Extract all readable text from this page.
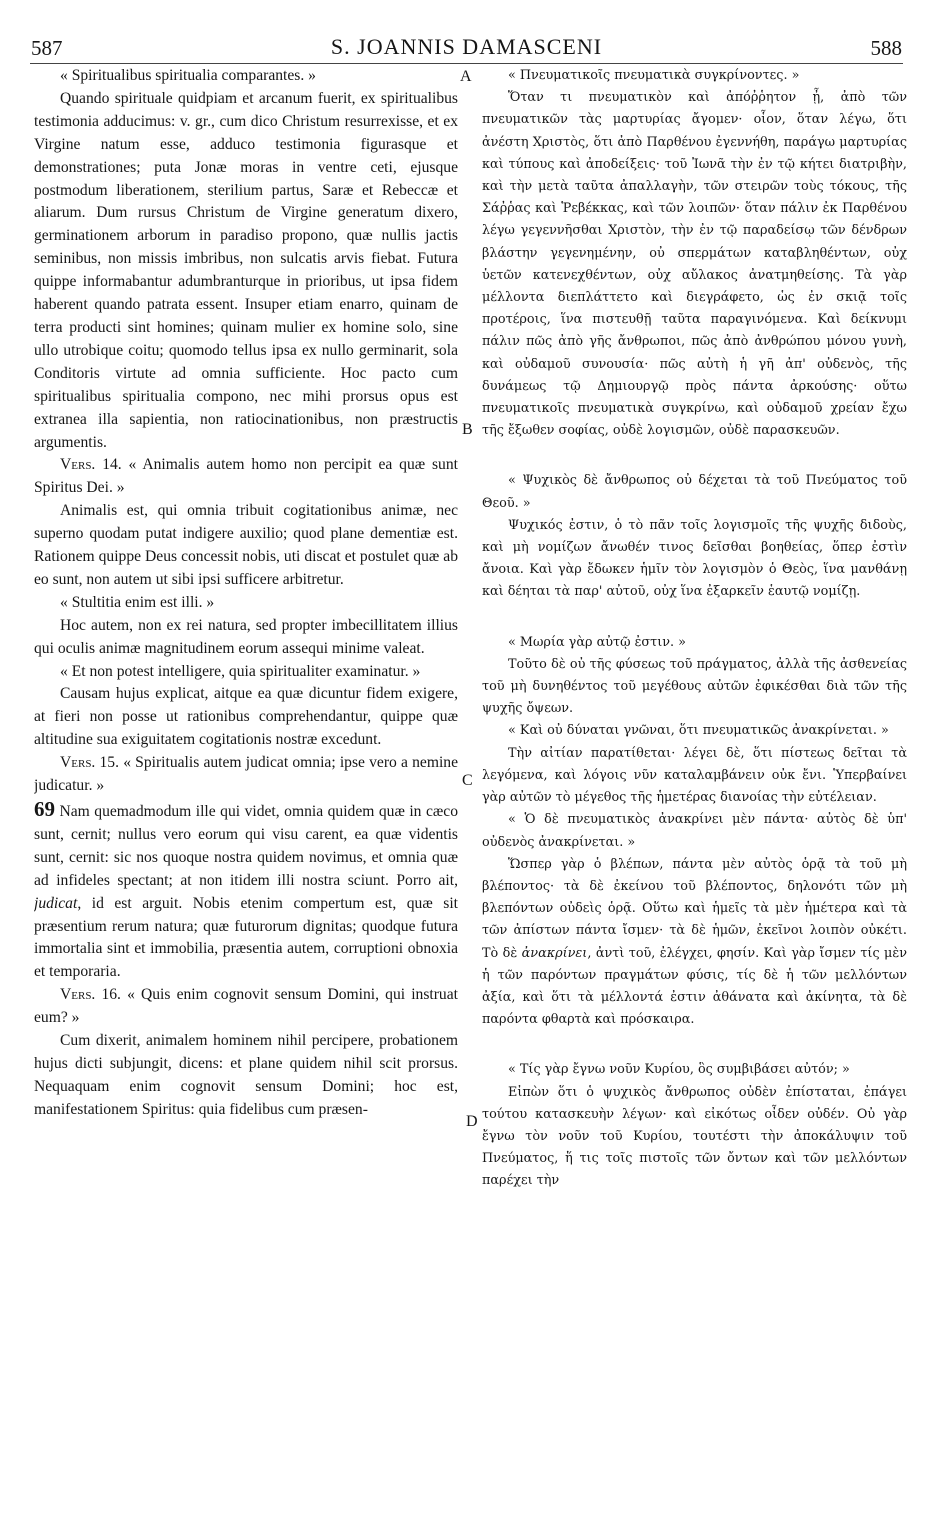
587	S. JOANNIS DAMASCENI	588

« Spiritualibus spiritualia comparantes. »

Quando spirituale quidpiam et arcanum fuerit, ex spiritualibus testimonia adducimus: v. gr., cum dico Christum resurrexisse, et ex Virgine natum esse, adduco testimonia figurasque et demonstrationes; puta Jonæ moras in ventre ceti, ejusque postmodum liberationem, sterilium partus, Saræ et Rebeccæ et aliarum. Dum rursus Christum de Virgine generatum dixero, germinationem arborum in paradiso propono, quæ nullis jactis seminibus, non missis imbribus, non sulcatis arvis fiebat. Futura quippe informabantur adumbranturque in prioribus, ut ipsa fidem haberent quando patrata essent. Insuper etiam enarro, quinam de terra producti sint homines; quinam mulier ex homine solo, sine ullo utrobique coitu; quomodo tellus ipsa ex nullo germinarit, sola Conditoris virtute ad omnia sufficiente. Hoc pacto cum spiritualibus spiritualia compono, nec mihi prorsus opus est extranea illa sapientia, non ratiocinationibus, non præstructis argumentis.

Vers. 14. « Animalis autem homo non percipit ea quæ sunt Spiritus Dei. »

Animalis est, qui omnia tribuit cogitationibus animæ, nec superno quodam putat indigere auxilio; quod plane dementiæ est. Rationem quippe Deus concessit nobis, uti discat et postulet quæ ab eo sunt, non autem ut sibi ipsi sufficere arbitretur.

« Stultitia enim est illi. »

Hoc autem, non ex rei natura, sed propter imbecillitatem illius qui oculis animæ magnitudinem eorum assequi minime valeat.

« Et non potest intelligere, quia spiritualiter examinatur. »

Causam hujus explicat, aitque ea quæ dicuntur fidem exigere, at fieri non posse ut rationibus comprehendantur, quippe quæ altitudine sua exiguitatem cogitationis nostræ excedunt.

Vers. 15. « Spiritualis autem judicat omnia; ipse vero a nemine judicatur. »

69 Nam quemadmodum ille qui videt, omnia quidem quæ in cæco sunt, cernit; nullus vero eorum qui visu carent, ea quæ videntis sunt, cernit: sic nos quoque nostra quidem novimus, et omnia quæ ad infideles spectant; at non itidem illi nostra sciunt. Porro ait, judicat, id est arguit. Nobis etenim compertum est, quæ sit præsentium rerum natura; quæ futurorum dignitas; quodque futura immortalia sint et immobilia, præsentia autem, corruptioni obnoxia et temporaria.

Vers. 16. « Quis enim cognovit sensum Domini, qui instruat eum? »

Cum dixerit, animalem hominem nihil percipere, probationem hujus dicti subjungit, dicens: et plane quidem nihil scit prorsus. Nequaquam enim cognovit sensum Domini; hoc est, manifestationem Spiritus: quia fidelibus cum præsen-

A
B
C
D

« Πνευματικοῖς πνευματικὰ συγκρίνοντες. »

Ὅταν τι πνευματικὸν καὶ ἀπόῤῥητον ᾖ, ἀπὸ τῶν πνευματικῶν τὰς μαρτυρίας ἄγομεν· οἷον, ὅταν λέγω, ὅτι ἀνέστη Χριστὸς, ὅτι ἀπὸ Παρθένου ἐγεννήθη, παράγω μαρτυρίας καὶ τύπους καὶ ἀποδείξεις· τοῦ Ἰωνᾶ τὴν ἐν τῷ κήτει διατριβὴν, καὶ τὴν μετὰ ταῦτα ἀπαλλαγὴν, τῶν στειρῶν τοὺς τόκους, τῆς Σάῤῥας καὶ Ῥεβέκκας, καὶ τῶν λοιπῶν· ὅταν πάλιν ἐκ Παρθένου λέγω γεγεννῆσθαι Χριστὸν, τὴν ἐν τῷ παραδείσῳ τῶν δένδρων βλάστην γεγενημένην, οὐ σπερμάτων καταβληθέντων, οὐχ ὑετῶν κατενεχθέντων, οὐχ αὔλακος ἀνατμηθείσης. Τὰ γὰρ μέλλοντα διεπλάττετο καὶ διεγράφετο, ὡς ἐν σκιᾷ τοῖς προτέροις, ἵνα πιστευθῇ ταῦτα παραγινόμενα. Καὶ δείκνυμι πάλιν πῶς ἀπὸ γῆς ἄνθρωποι, πῶς ἀπὸ ἀνθρώπου μόνου γυνὴ, καὶ οὐδαμοῦ συνουσία· πῶς αὐτὴ ἡ γῆ ἀπ' οὐδενὸς, τῆς δυνάμεως τῷ Δημιουργῷ πρὸς πάντα ἀρκούσης· οὕτω πνευματικοῖς πνευματικὰ συγκρίνω, καὶ οὐδαμοῦ χρείαν ἔχω τῆς ἔξωθεν σοφίας, οὐδὲ λογισμῶν, οὐδὲ παρασκευῶν.

« Ψυχικὸς δὲ ἄνθρωπος οὐ δέχεται τὰ τοῦ Πνεύματος τοῦ Θεοῦ. »

Ψυχικός ἐστιν, ὁ τὸ πᾶν τοῖς λογισμοῖς τῆς ψυχῆς διδοὺς, καὶ μὴ νομίζων ἄνωθέν τινος δεῖσθαι βοηθείας, ὅπερ ἐστὶν ἄνοια. Καὶ γὰρ ἔδωκεν ἡμῖν τὸν λογισμὸν ὁ Θεὸς, ἵνα μανθάνῃ καὶ δέηται τὰ παρ' αὐτοῦ, οὐχ ἵνα ἐξαρκεῖν ἑαυτῷ νομίζῃ.

« Μωρία γὰρ αὐτῷ ἐστιν. »

Τοῦτο δὲ οὐ τῆς φύσεως τοῦ πράγματος, ἀλλὰ τῆς ἀσθενείας τοῦ μὴ δυνηθέντος τοῦ μεγέθους αὐτῶν ἐφικέσθαι διὰ τῶν τῆς ψυχῆς ὄψεων.

« Καὶ οὐ δύναται γνῶναι, ὅτι πνευματικῶς ἀνακρίνεται. »

Τὴν αἰτίαν παρατίθεται· λέγει δὲ, ὅτι πίστεως δεῖται τὰ λεγόμενα, καὶ λόγοις νῦν καταλαμβάνειν οὐκ ἔνι. Ὑπερβαίνει γὰρ αὐτῶν τὸ μέγεθος τῆς ἡμετέρας διανοίας τὴν εὐτέλειαν.

« Ὁ δὲ πνευματικὸς ἀνακρίνει μὲν πάντα· αὐτὸς δὲ ὑπ' οὐδενὸς ἀνακρίνεται. »

Ὥσπερ γὰρ ὁ βλέπων, πάντα μὲν αὐτὸς ὁρᾷ τὰ τοῦ μὴ βλέποντος· τὰ δὲ ἐκείνου τοῦ βλέποντος, δηλονότι τῶν μὴ βλεπόντων οὐδεὶς ὁρᾷ. Οὕτω καὶ ἡμεῖς τὰ μὲν ἡμέτερα καὶ τὰ τῶν ἀπίστων πάντα ἴσμεν· τὰ δὲ ἡμῶν, ἐκεῖνοι λοιπὸν οὐκέτι. Τὸ δὲ ἀνακρίνει, ἀντὶ τοῦ, ἐλέγχει, φησίν. Καὶ γὰρ ἴσμεν τίς μὲν ἡ τῶν παρόντων πραγμάτων φύσις, τίς δὲ ἡ τῶν μελλόντων ἀξία, καὶ ὅτι τὰ μέλλοντά ἐστιν ἀθάνατα καὶ ἀκίνητα, τὰ δὲ παρόντα φθαρτὰ καὶ πρόσκαιρα.

« Τίς γὰρ ἔγνω νοῦν Κυρίου, ὃς συμβιβάσει αὐτόν; »

Εἰπὼν ὅτι ὁ ψυχικὸς ἄνθρωπος οὐδὲν ἐπίσταται, ἐπάγει τούτου κατασκευὴν λέγων· καὶ εἰκότως οἶδεν οὐδέν. Οὐ γὰρ ἔγνω τὸν νοῦν τοῦ Κυρίου, τουτέστι τὴν ἀποκάλυψιν τοῦ Πνεύματος, ἥ τις τοῖς πιστοῖς τῶν ὄντων καὶ τῶν μελλόντων παρέχει τὴν
